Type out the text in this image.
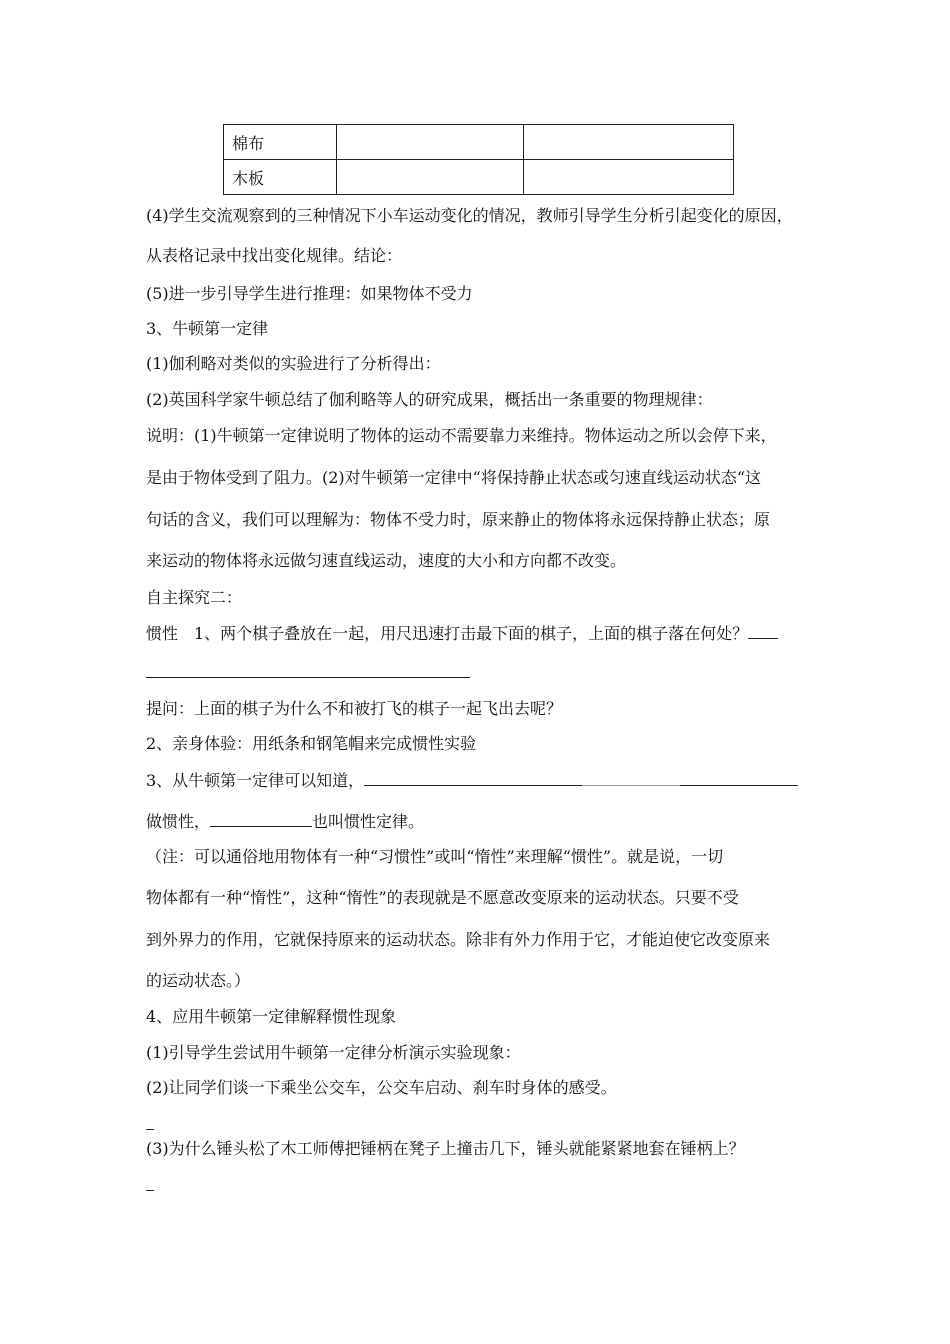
棉布		
木板		
(4)学生交流观察到的三种情况下小车运动变化的情况，教师引导学生分析引起变化的原因，
从表格记录中找出变化规律。结论：
(5)进一步引导学生进行推理：如果物体不受力
3、牛顿第一定律
(1)伽利略对类似的实验进行了分析得出：
(2)英国科学家牛顿总结了伽利略等人的研究成果，概括出一条重要的物理规律：
说明：(1)牛顿第一定律说明了物体的运动不需要靠力来维持。物体运动之所以会停下来，
是由于物体受到了阻力。(2)对牛顿第一定律中“将保持静止状态或匀速直线运动状态“这
句话的含义，我们可以理解为：物体不受力时，原来静止的物体将永远保持静止状态；原
来运动的物体将永远做匀速直线运动，速度的大小和方向都不改变。
自主探究二：
惯性　1、两个棋子叠放在一起，用尺迅速打击最下面的棋子，上面的棋子落在何处？
提问：上面的棋子为什么不和被打飞的棋子一起飞出去呢？
2、亲身体验：用纸条和钢笔帽来完成惯性实验
3、从牛顿第一定律可以知道，
做惯性，	也叫惯性定律。
（注：可以通俗地用物体有一种“习惯性”或叫“惰性”来理解“惯性”。就是说，一切
物体都有一种“惰性”，这种“惰性”的表现就是不愿意改变原来的运动状态。只要不受
到外界力的作用，它就保持原来的运动状态。除非有外力作用于它，才能迫使它改变原来
的运动状态。）
4、应用牛顿第一定律解释惯性现象
(1)引导学生尝试用牛顿第一定律分析演示实验现象：
(2)让同学们谈一下乘坐公交车，公交车启动、刹车时身体的感受。
(3)为什么锤头松了木工师傅把锤柄在凳子上撞击几下，锤头就能紧紧地套在锤柄上？
